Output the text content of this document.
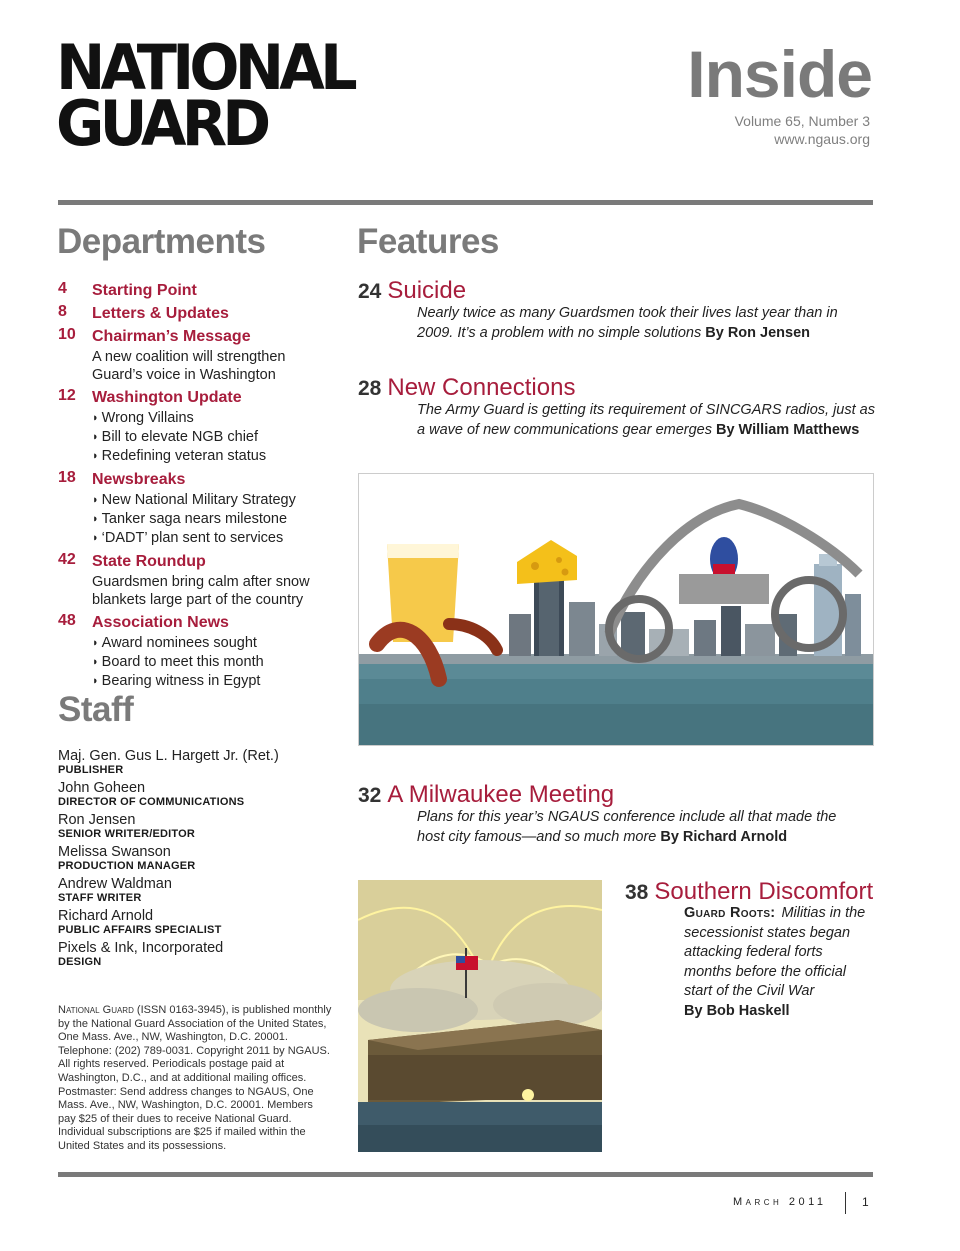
NATIONAL
GUARD
Inside
Volume 65, Number 3
www.ngaus.org
Departments
4 Starting Point
8 Letters & Updates
10 Chairman’s Message
A new coalition will strengthen
Guard’s voice in Washington
12 Washington Update
◗ Wrong Villains
◗ Bill to elevate NGB chief
◗ Redefining veteran status
18 Newsbreaks
◗ New National Military Strategy
◗ Tanker saga nears milestone
◗ ‘DADT’ plan sent to services
42 State Roundup
Guardsmen bring calm after snow
blankets large part of the country
48 Association News
◗ Award nominees sought
◗ Board to meet this month
◗ Bearing witness in Egypt
Staff
Maj. Gen. Gus L. Hargett Jr. (Ret.)
PUBLISHER
John Goheen
DIRECTOR OF COMMUNICATIONS
Ron Jensen
SENIOR WRITER/EDITOR
Melissa Swanson
PRODUCTION MANAGER
Andrew Waldman
STAFF WRITER
Richard Arnold
PUBLIC AFFAIRS SPECIALIST
Pixels & Ink, Incorporated
DESIGN
National Guard (ISSN 0163-3945), is published monthly by the National Guard Association of the United States, One Mass. Ave., NW, Washington, D.C. 20001. Telephone: (202) 789-0031. Copyright 2011 by NGAUS. All rights reserved. Periodicals postage paid at Washington, D.C., and at additional mailing offices. Postmaster: Send address changes to NGAUS, One Mass. Ave., NW, Washington, D.C. 20001. Members pay $25 of their dues to receive National Guard. Individual subscriptions are $25 if mailed within the United States and its possessions.
Features
24 Suicide
Nearly twice as many Guardsmen took their lives last year than in 2009. It’s a problem with no simple solutions By Ron Jensen
28 New Connections
The Army Guard is getting its requirement of SINCGARS radios, just as a wave of new communications gear emerges By William Matthews
32 A Milwaukee Meeting
Plans for this year’s NGAUS conference include all that made the host city famous—and so much more By Richard Arnold
38 Southern Discomfort
Guard Roots: Militias in the secessionist states began attacking federal forts months before the official start of the Civil War
By Bob Haskell
March 2011	1
